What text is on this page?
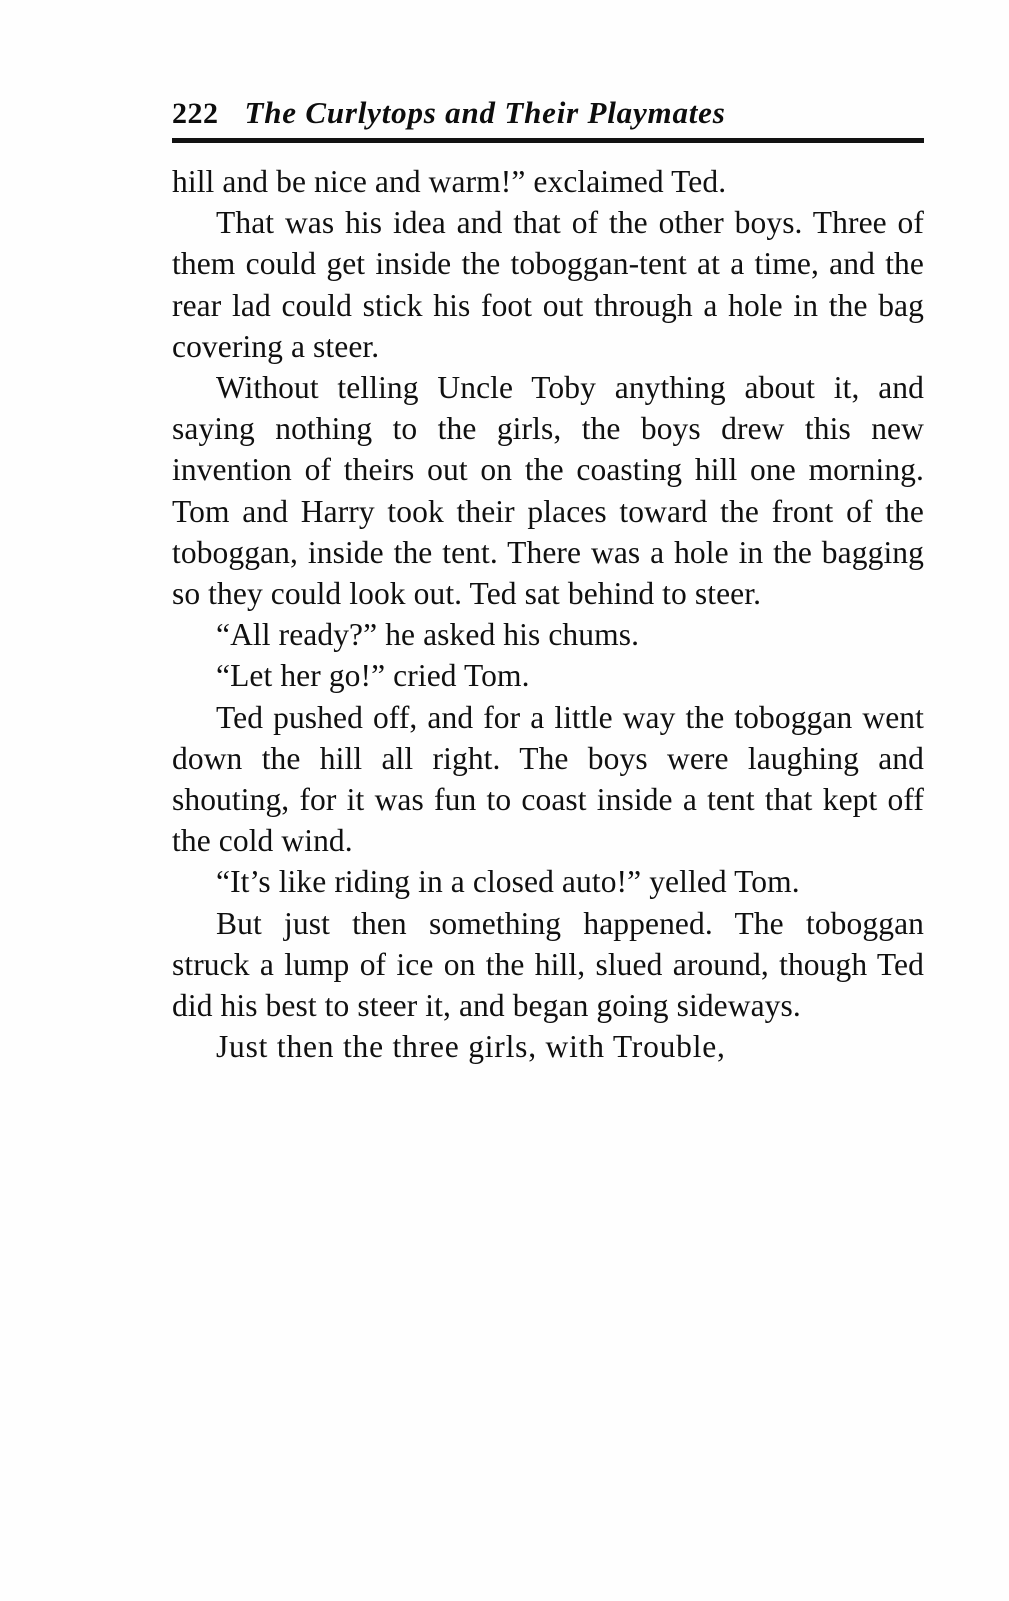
222 The Curlytops and Their Playmates

hill and be nice and warm!” exclaimed Ted.

That was his idea and that of the other boys. Three of them could get inside the toboggan-tent at a time, and the rear lad could stick his foot out through a hole in the bag covering a steer.

Without telling Uncle Toby anything about it, and saying nothing to the girls, the boys drew this new invention of theirs out on the coasting hill one morning. Tom and Harry took their places toward the front of the toboggan, inside the tent. There was a hole in the bagging so they could look out. Ted sat behind to steer.

“All ready?” he asked his chums.

“Let her go!” cried Tom.

Ted pushed off, and for a little way the toboggan went down the hill all right. The boys were laughing and shouting, for it was fun to coast inside a tent that kept off the cold wind.

“It’s like riding in a closed auto!” yelled Tom.

But just then something happened. The toboggan struck a lump of ice on the hill, slued around, though Ted did his best to steer it, and began going sideways.

Just then the three girls, with Trouble,
